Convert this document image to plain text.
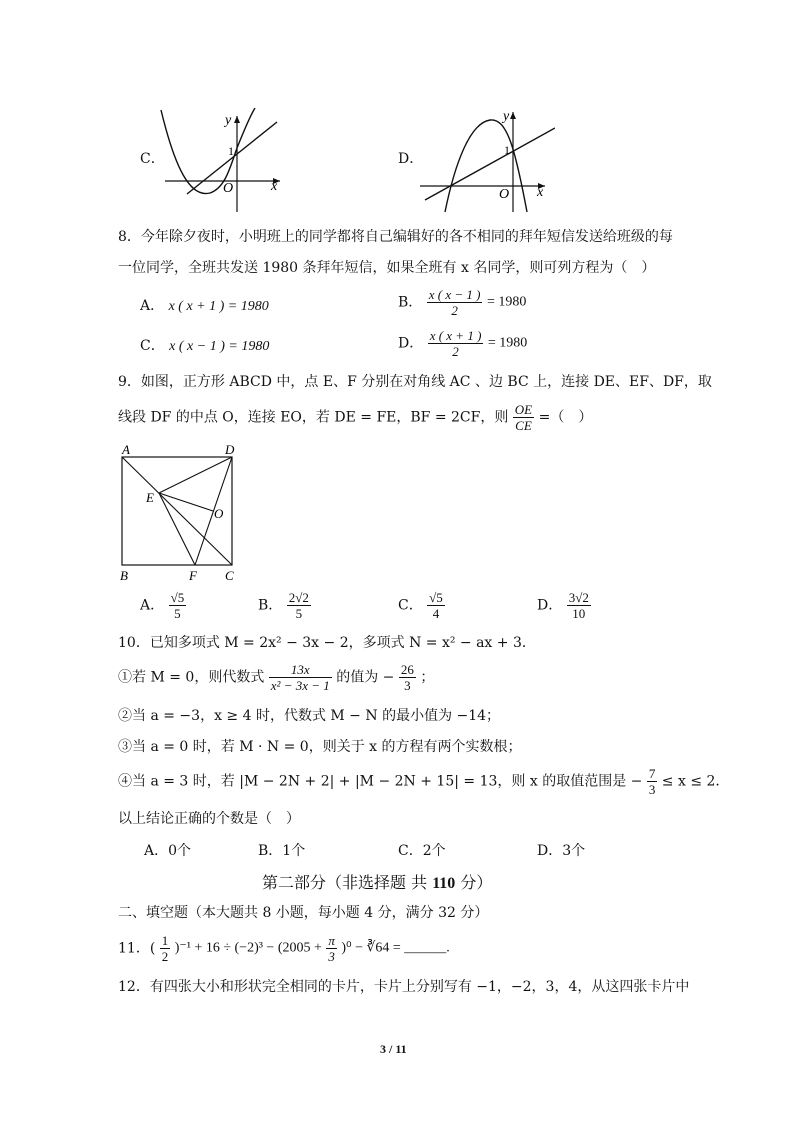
C．
y
x
O
1	D．
y
x
O
1
8．今年除夕夜时，小明班上的同学都将自己编辑好的各不相同的拜年短信发送给班级的每
一位同学，全班共发送 1980 条拜年短信，如果全班有 x 名同学，则可列方程为（　）
A． x ( x + 1 ) = 1980	B． $\frac{x ( x - 1 )}{2} = 1980$
C． x ( x − 1 ) = 1980	D． $\frac{x ( x + 1 )}{2} = 1980$
9．如图，正方形 ABCD 中，点 E、F 分别在对角线 AC 、边 BC 上，连接 DE、EF、DF，取
线段 DF 的中点 O，连接 EO，若 DE = FE，BF = 2CF，则 $\frac{OE}{CE}$ =（　）
A	D
B	C
E
F
O
A． $\frac{√5}{5}$	B． $\frac{2√2}{5}$	C． $\frac{√5}{4}$	D． $\frac{3√2}{10}$
10．已知多项式 M = 2x² − 3x − 2，多项式 N = x² − ax + 3．
①若 M = 0，则代数式 $\frac{13x}{\text{x² − 3x − 1}}$ 的值为 − $\frac{26}{3}$ ；
②当 a = −3，x ≥ 4 时，代数式 M − N 的最小值为 −14；
③当 a = 0 时，若 M · N = 0，则关于 x 的方程有两个实数根；
④当 a = 3 时，若 |M − 2N + 2| + |M − 2N + 15| = 13，则 x 的取值范围是 − $\frac{7}{3} \le x \le 2$．
以上结论正确的个数是（　）
A．0个	B．1个	C．2个	D．3个
第二部分（非选择题 共 110 分）
二、填空题（本大题共 8 小题，每小题 4 分，满分 32 分）
11．( $\frac{1}{2} )^{-1} + 16 \div (-2)^3 - (2005 + \frac{\pi}{3} )^0$ − ∛64 = ______.
12．有四张大小和形状完全相同的卡片，卡片上分别写有 −1，−2，3，4，从这四张卡片中
3 / 11
